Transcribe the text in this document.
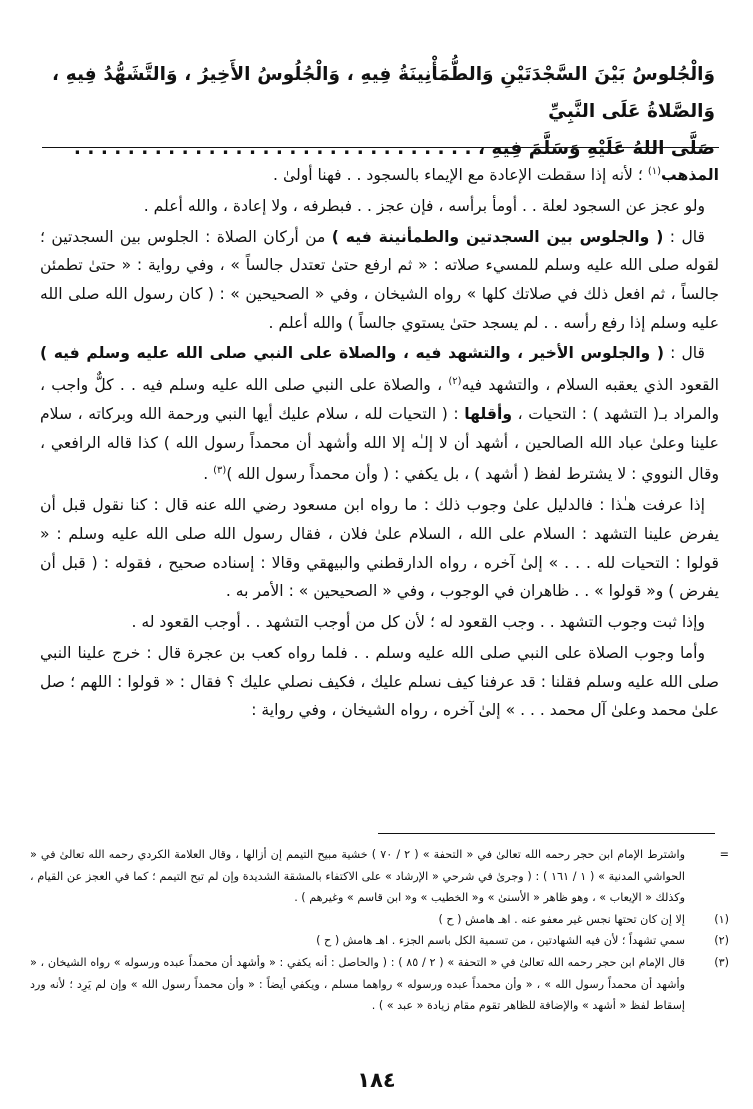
وَالْجُلوسُ بَيْنَ السَّجْدَتَيْنِ وَالطُّمَأْنِينَةُ فِيهِ ، وَالْجُلُوسُ الأَخِيرُ ، وَالتَّشَهُّدُ فِيهِ ، وَالصَّلاةُ عَلَى النَّبِيِّ

صَلَّى اللهُ عَلَيْهِ وَسَلَّمَ فِيهِ ، . . . . . . . . . . . . . . . . . . . . . . . . . . . . . .

المذهب$^{(١)}$ ؛ لأنه إذا سقطت الإعادة مع الإيماء بالسجود . . فهنا أولىٰ .

ولو عجز عن السجود لعلة . . أومأ برأسه ، فإن عجز . . فبطرفه ، ولا إعادة ، والله أعلم .

قال : ( والجلوس بين السجدتين والطمأنينة فيه ) من أركان الصلاة : الجلوس بين السجدتين ؛ لقوله صلى الله عليه وسلم للمسيء صلاته : « ثم ارفع حتىٰ تعتدل جالساً » ، وفي رواية : « حتىٰ تطمئن جالساً ، ثم افعل ذلك في صلاتك كلها » رواه الشيخان ، وفي « الصحيحين » : ( كان رسول الله صلى الله عليه وسلم إذا رفع رأسه . . لم يسجد حتىٰ يستوي جالساً ) والله أعلم .

قال : ( والجلوس الأخير ، والتشهد فيه ، والصلاة على النبي صلى الله عليه وسلم فيه ) القعود الذي يعقبه السلام ، والتشهد فيه$^{(٢)}$ ، والصلاة على النبي صلى الله عليه وسلم فيه . . كلٌّ واجب ، والمراد بـ( التشهد ) : التحيات ، وأقلها : ( التحيات لله ، سلام عليك أيها النبي ورحمة الله وبركاته ، سلام علينا وعلىٰ عباد الله الصالحين ، أشهد أن لا إلـٰه إلا الله وأشهد أن محمداً رسول الله ) كذا قاله الرافعي ، وقال النووي : لا يشترط لفظ ( أشهد ) ، بل يكفي : ( وأن محمداً رسول الله )$^{(٣)}$ .

إذا عرفت هـٰذا : فالدليل علىٰ وجوب ذلك : ما رواه ابن مسعود رضي الله عنه قال : كنا نقول قبل أن يفرض علينا التشهد : السلام على الله ، السلام علىٰ فلان ، فقال رسول الله صلى الله عليه وسلم : « قولوا : التحيات لله . . . » إلىٰ آخره ، رواه الدارقطني والبيهقي وقالا : إسناده صحيح ، فقوله : ( قبل أن يفرض ) و« قولوا » . . ظاهران في الوجوب ، وفي « الصحيحين » : الأمر به .

وإذا ثبت وجوب التشهد . . وجب القعود له ؛ لأن كل من أوجب التشهد . . أوجب القعود له .

وأما وجوب الصلاة على النبي صلى الله عليه وسلم . . فلما رواه كعب بن عجرة قال : خرج علينا النبي صلى الله عليه وسلم فقلنا : قد عرفنا كيف نسلم عليك ، فكيف نصلي عليك ؟ فقال : « قولوا : اللهم ؛ صل علىٰ محمد وعلىٰ آل محمد . . . » إلىٰ آخره ، رواه الشيخان ، وفي رواية :

=
واشترط الإمام ابن حجر رحمه الله تعالىٰ في « التحفة » ( ٢ / ٧٠ ) خشية مبيح التيمم إن أزالها ، وقال العلامة الكردي رحمه الله تعالىٰ في « الحواشي المدنية » ( ١ / ١٦١ ) : ( وجرىٰ في شرحي « الإرشاد » على الاكتفاء بالمشقة الشديدة وإن لم تبح التيمم ؛ كما في العجز عن القيام ، وكذلك « الإيعاب » ، وهو ظاهر « الأسنىٰ » و« الخطيب » و« ابن قاسم » وغيرهم ) .
(١)
إلا إن كان تحتها نجس غير معفو عنه . اهـ هامش ( ح )
(٢)
سمي تشهداً ؛ لأن فيه الشهادتين ، من تسمية الكل باسم الجزء . اهـ هامش ( ح )
(٣)
قال الإمام ابن حجر رحمه الله تعالىٰ في « التحفة » ( ٢ / ٨٥ ) : ( والحاصل : أنه يكفي : « وأشهد أن محمداً عبده ورسوله » رواه الشيخان ، « وأشهد أن محمداً رسول الله » ، « وأن محمداً عبده ورسوله » رواهما مسلم ، ويكفي أيضاً : « وأن محمداً رسول الله » وإن لم يَرِد ؛ لأنه ورد إسقاط لفظ « أشهد » والإضافة للظاهر تقوم مقام زيادة « عبد » ) .
١٨٤
